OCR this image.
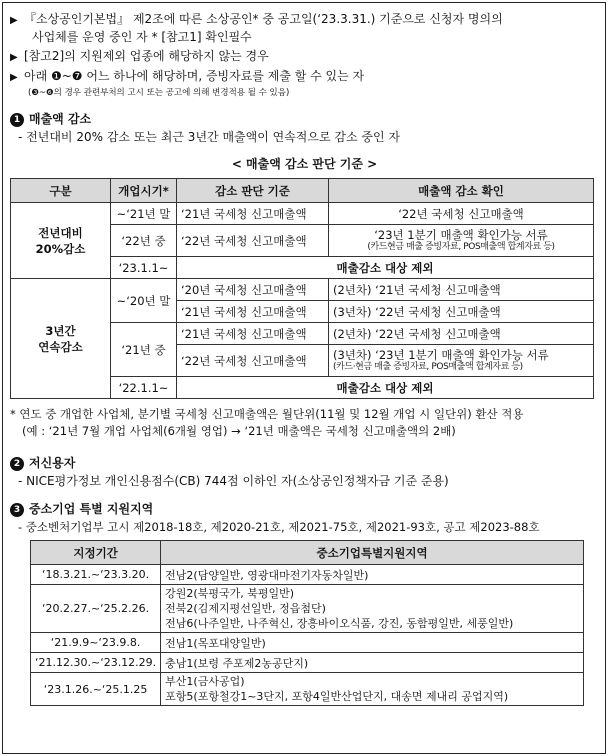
▶ 『소상공인기본법』 제2조에 따른 소상공인* 중 공고일(‘23.3.31.) 기준으로 신청자 명의의
사업체를 운영 중인 자 * [참고1] 확인필수
▶ [참고2]의 지원제외 업종에 해당하지 않는 경우
▶ 아래 ❶~❼ 어느 하나에 해당하며, 증빙자료를 제출 할 수 있는 자
(❸~❻의 경우 관련부처의 고시 또는 공고에 의해 변경적용 될 수 있음)
1 매출액 감소
- 전년대비 20% 감소 또는 최근 3년간 매출액이 연속적으로 감소 중인 자
< 매출액 감소 판단 기준 >
구분	개업시기*	감소 판단 기준	매출액 감소 확인

전년대비
20%감소	~‘21년 말	‘21년 국세청 신고매출액	‘22년 국세청 신고매출액
	‘22년 중	‘22년 국세청 신고매출액	‘23년 1분기 매출액 확인가능 서류
(카드현금 매출 증빙자료, POS매출액 합계자료 등)

	‘23.1.1~	매출감소 대상 제외	

3년간
연속감소	~‘20년 말	‘20년 국세청 신고매출액	(2년차) ‘21년 국세청 신고매출액
		‘21년 국세청 신고매출액	(3년차) ‘22년 국세청 신고매출액
	‘21년 중	‘21년 국세청 신고매출액	(2년차) ‘22년 국세청 신고매출액
		‘22년 국세청 신고매출액	(3년차) ‘23년 1분기 매출액 확인가능 서류
(카드·현금 매출 증빙자료, POS매출액 합계자료 등)

	‘22.1.1~	매출감소 대상 제외	
* 연도 중 개업한 사업체, 분기별 국세청 신고매출액은 월단위(11월 및 12월 개업 시 일단위) 환산 적용
(예 : ‘21년 7월 개업 사업체(6개월 영업) → ‘21년 매출액은 국세청 신고매출액의 2배)
2 저신용자
- NICE평가정보 개인신용점수(CB) 744점 이하인 자(소상공인정책자금 기준 준용)
3 중소기업 특별 지원지역
- 중소벤처기업부 고시 제2018-18호, 제2020-21호, 제2021-75호, 제2021-93호, 공고 제2023-88호
지정기간	중소기업특별지원지역
‘18.3.21.~‘23.3.20.	전남2(담양일반, 영광대마전기자동차일반)

‘20.2.27.~‘25.2.26.	강원2(북평국가, 북평일반)
전북2(김제지평선일반, 정읍첨단)
전남6(나주일반, 나주혁신, 장흥바이오식품, 강진, 동함평일반, 세풍일반)

‘21.9.9~‘23.9.8.	전남1(목포대양일반)

‘21.12.30.~‘23.12.29.	충남1(보령 주포제2농공단지)

‘23.1.26.~‘25.1.25	부산1(금사공업)
포항5(포항철강1~3단지, 포항4일반산업단지, 대송면 제내리 공업지역)
